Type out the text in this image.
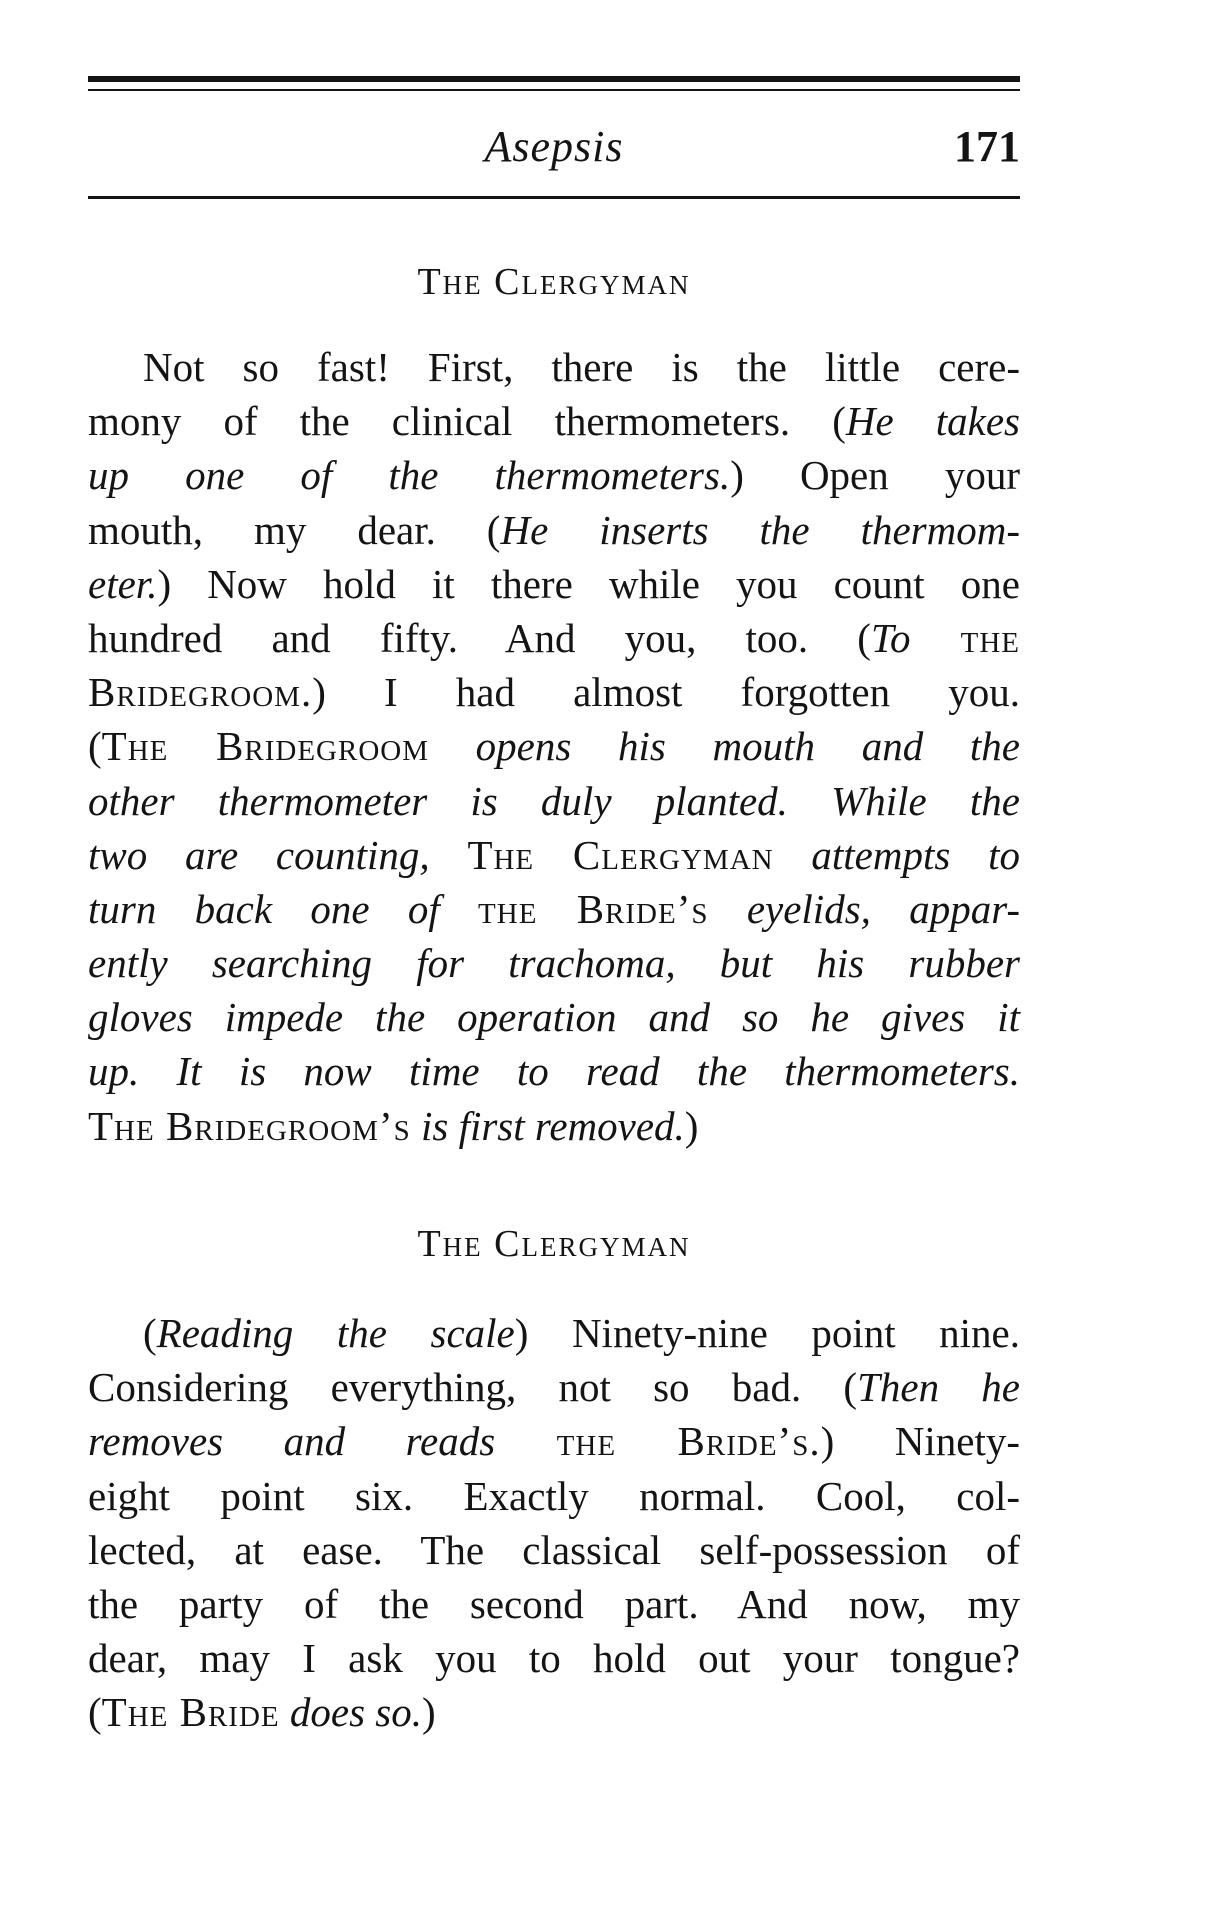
Asepsis	171
The Clergyman
Not so fast! First, there is the little cere-
mony of the clinical thermometers. (He takes
up one of the thermometers.) Open your
mouth, my dear. (He inserts the thermom-
eter.) Now hold it there while you count one
hundred and fifty. And you, too. (To the
Bridegroom.) I had almost forgotten you.
(The Bridegroom opens his mouth and the
other thermometer is duly planted. While the
two are counting, The Clergyman attempts to
turn back one of the Bride’s eyelids, appar-
ently searching for trachoma, but his rubber
gloves impede the operation and so he gives it
up. It is now time to read the thermometers.
The Bridegroom’s is first removed.)
The Clergyman
(Reading the scale) Ninety-nine point nine.
Considering everything, not so bad. (Then he
removes and reads the Bride’s.) Ninety-
eight point six. Exactly normal. Cool, col-
lected, at ease. The classical self-possession of
the party of the second part. And now, my
dear, may I ask you to hold out your tongue?
(The Bride does so.)
